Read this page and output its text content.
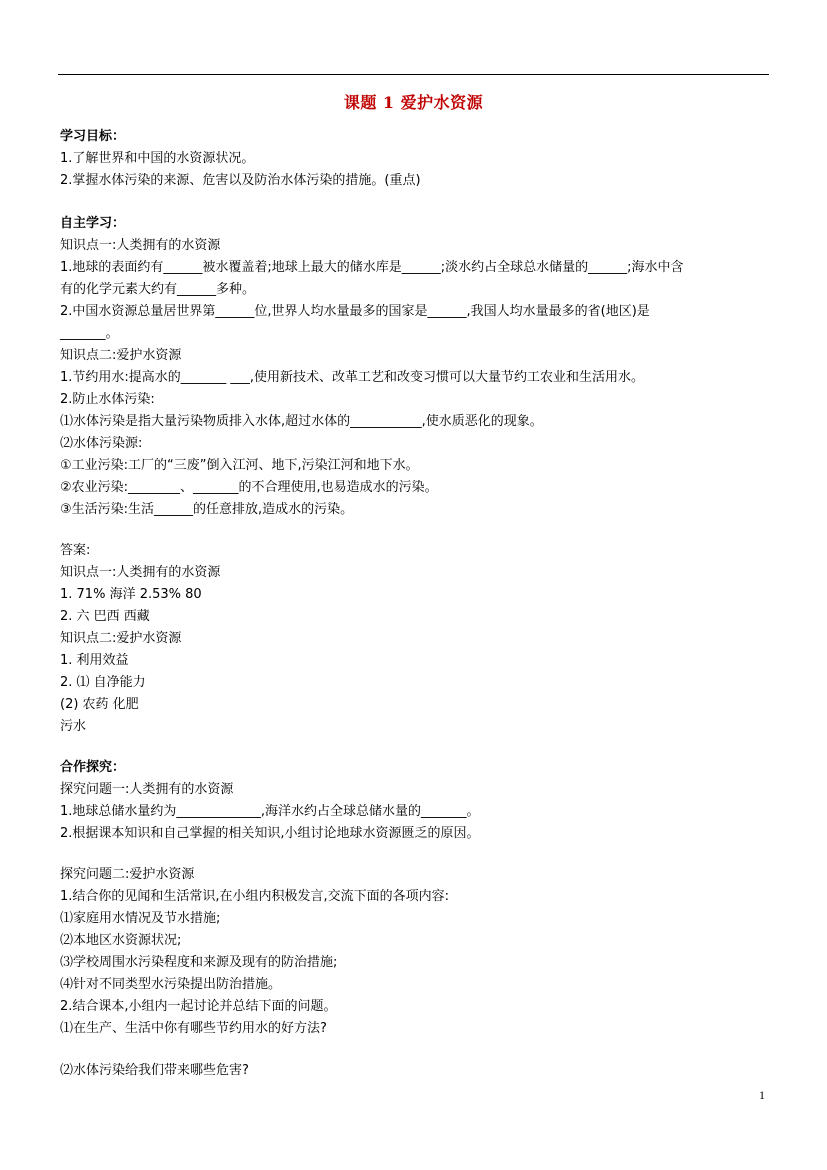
课题 1 爱护水资源
学习目标：
1.了解世界和中国的水资源状况。
2.掌握水体污染的来源、危害以及防治水体污染的措施。(重点)
自主学习：
知识点一:人类拥有的水资源
1.地球的表面约有______被水覆盖着;地球上最大的储水库是______;淡水约占全球总水储量的______;海水中含
有的化学元素大约有______多种。
2.中国水资源总量居世界第______位,世界人均水量最多的国家是______,我国人均水量最多的省(地区)是
_______。
知识点二:爱护水资源
1.节约用水:提高水的_______ ___,使用新技术、改革工艺和改变习惯可以大量节约工农业和生活用水。
2.防止水体污染:
⑴水体污染是指大量污染物质排入水体,超过水体的___________,使水质恶化的现象。
⑵水体污染源:
①工业污染:工厂的“三废”倒入江河、地下,污染江河和地下水。
②农业污染:________、_______的不合理使用,也易造成水的污染。
③生活污染:生活______的任意排放,造成水的污染。
答案:
知识点一:人类拥有的水资源
1. 71% 海洋 2.53% 80
2. 六 巴西 西藏
知识点二:爱护水资源
1. 利用效益
2. ⑴ 自净能力
(2) 农药 化肥
污水
合作探究：
探究问题一:人类拥有的水资源
1.地球总储水量约为_____________,海洋水约占全球总储水量的_______。
2.根据课本知识和自己掌握的相关知识,小组讨论地球水资源匮乏的原因。
探究问题二:爱护水资源
1.结合你的见闻和生活常识,在小组内积极发言,交流下面的各项内容:
⑴家庭用水情况及节水措施;
⑵本地区水资源状况;
⑶学校周围水污染程度和来源及现有的防治措施;
⑷针对不同类型水污染提出防治措施。
2.结合课本,小组内一起讨论并总结下面的问题。
⑴在生产、生活中你有哪些节约用水的好方法?
⑵水体污染给我们带来哪些危害?
1
